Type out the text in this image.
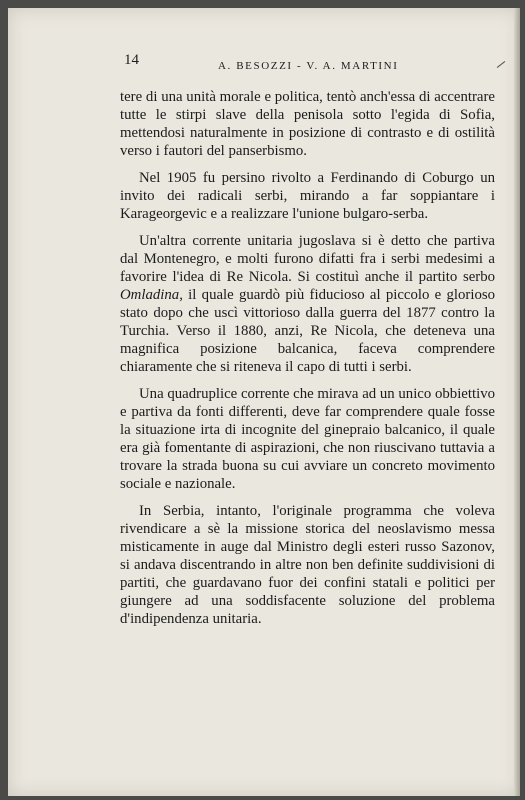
14	A. BESOZZI - V. A. MARTINI

tere di una unità morale e politica, tentò anch'essa di accentrare tutte le stirpi slave della penisola sotto l'egida di Sofia, mettendosi naturalmente in posizione di contrasto e di ostilità verso i fautori del panserbismo.

Nel 1905 fu persino rivolto a Ferdinando di Coburgo un invito dei radicali serbi, mirando a far soppiantare i Karageorgevic e a realizzare l'unione bulgaro-serba.

Un'altra corrente unitaria jugoslava si è detto che partiva dal Montenegro, e molti furono difatti fra i serbi medesimi a favorire l'idea di Re Nicola. Si costituì anche il partito serbo Omladina, il quale guardò più fiducioso al piccolo e glorioso stato dopo che uscì vittorioso dalla guerra del 1877 contro la Turchia. Verso il 1880, anzi, Re Nicola, che deteneva una magnifica posizione balcanica, faceva comprendere chiaramente che si riteneva il capo di tutti i serbi.

Una quadruplice corrente che mirava ad un unico obbiettivo e partiva da fonti differenti, deve far comprendere quale fosse la situazione irta di incognite del ginepraio balcanico, il quale era già fomentante di aspirazioni, che non riuscivano tuttavia a trovare la strada buona su cui avviare un concreto movimento sociale e nazionale.

In Serbia, intanto, l'originale programma che voleva rivendicare a sè la missione storica del neoslavismo messa misticamente in auge dal Ministro degli esteri russo Sazonov, si andava discentrando in altre non ben definite suddivisioni di partiti, che guardavano fuor dei confini statali e politici per giungere ad una soddisfacente soluzione del problema d'indipendenza unitaria.
